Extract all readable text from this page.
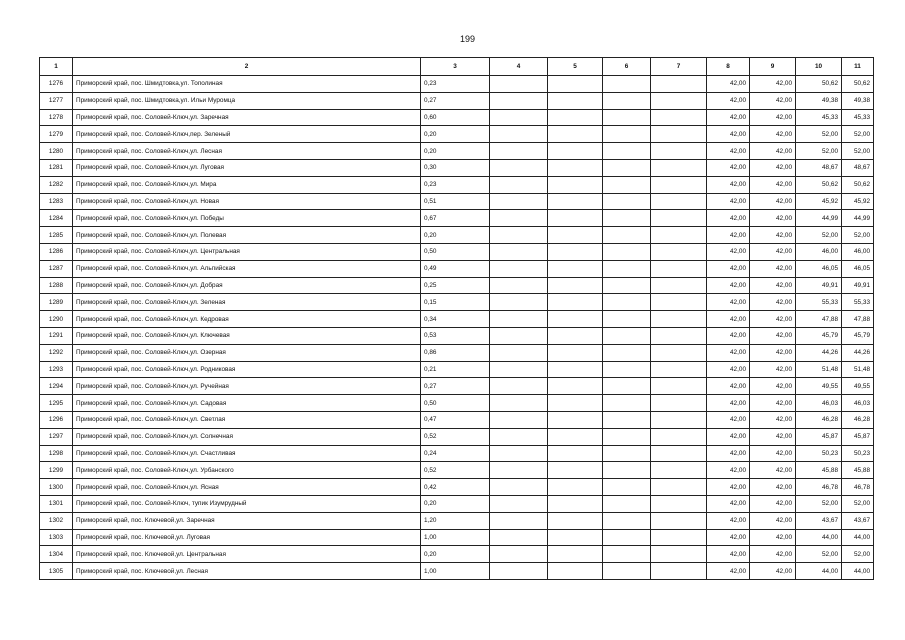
199
1	2	3	4	5	6	7	8	9	10	11
1276	Приморский край, пос. Шмидтовка,ул. Тополиная	0,23					42,00	42,00	50,62	50,62
1277	Приморский край, пос. Шмидтовка,ул. Ильи Муромца	0,27					42,00	42,00	49,38	49,38
1278	Приморский край, пос. Соловей-Ключ,ул. Заречная	0,60					42,00	42,00	45,33	45,33
1279	Приморский край, пос. Соловей-Ключ,пер. Зеленый	0,20					42,00	42,00	52,00	52,00
1280	Приморский край, пос. Соловей-Ключ,ул. Лесная	0,20					42,00	42,00	52,00	52,00
1281	Приморский край, пос. Соловей-Ключ,ул. Луговая	0,30					42,00	42,00	48,67	48,67
1282	Приморский край, пос. Соловей-Ключ,ул. Мира	0,23					42,00	42,00	50,62	50,62
1283	Приморский край, пос. Соловей-Ключ,ул. Новая	0,51					42,00	42,00	45,92	45,92
1284	Приморский край, пос. Соловей-Ключ,ул. Победы	0,67					42,00	42,00	44,99	44,99
1285	Приморский край, пос. Соловей-Ключ,ул. Полевая	0,20					42,00	42,00	52,00	52,00
1286	Приморский край, пос. Соловей-Ключ,ул. Центральная	0,50					42,00	42,00	46,00	46,00
1287	Приморский край, пос. Соловей-Ключ,ул. Альпийская	0,49					42,00	42,00	46,05	46,05
1288	Приморский край, пос. Соловей-Ключ,ул. Добрая	0,25					42,00	42,00	49,91	49,91
1289	Приморский край, пос. Соловей-Ключ,ул. Зеленая	0,15					42,00	42,00	55,33	55,33
1290	Приморский край, пос. Соловей-Ключ,ул. Кедровая	0,34					42,00	42,00	47,88	47,88
1291	Приморский край, пос. Соловей-Ключ,ул. Ключевая	0,53					42,00	42,00	45,79	45,79
1292	Приморский край, пос. Соловей-Ключ,ул. Озерная	0,86					42,00	42,00	44,26	44,26
1293	Приморский край, пос. Соловей-Ключ,ул. Родниковая	0,21					42,00	42,00	51,48	51,48
1294	Приморский край, пос. Соловей-Ключ,ул. Ручейная	0,27					42,00	42,00	49,55	49,55
1295	Приморский край, пос. Соловей-Ключ,ул. Садовая	0,50					42,00	42,00	46,03	46,03
1296	Приморский край, пос. Соловей-Ключ,ул. Светлая	0,47					42,00	42,00	46,28	46,28
1297	Приморский край, пос. Соловей-Ключ,ул. Солнечная	0,52					42,00	42,00	45,87	45,87
1298	Приморский край, пос. Соловей-Ключ,ул. Счастливая	0,24					42,00	42,00	50,23	50,23
1299	Приморский край, пос. Соловей-Ключ,ул. Урбанского	0,52					42,00	42,00	45,88	45,88
1300	Приморский край, пос. Соловей-Ключ,ул. Ясная	0,42					42,00	42,00	46,78	46,78
1301	Приморский край, пос. Соловей-Ключ, тупик Изумрудный	0,20					42,00	42,00	52,00	52,00
1302	Приморский край, пос. Ключевой,ул. Заречная	1,20					42,00	42,00	43,67	43,67
1303	Приморский край, пос. Ключевой,ул. Луговая	1,00					42,00	42,00	44,00	44,00
1304	Приморский край, пос. Ключевой,ул. Центральная	0,20					42,00	42,00	52,00	52,00
1305	Приморский край, пос. Ключевой,ул. Лесная	1,00					42,00	42,00	44,00	44,00
